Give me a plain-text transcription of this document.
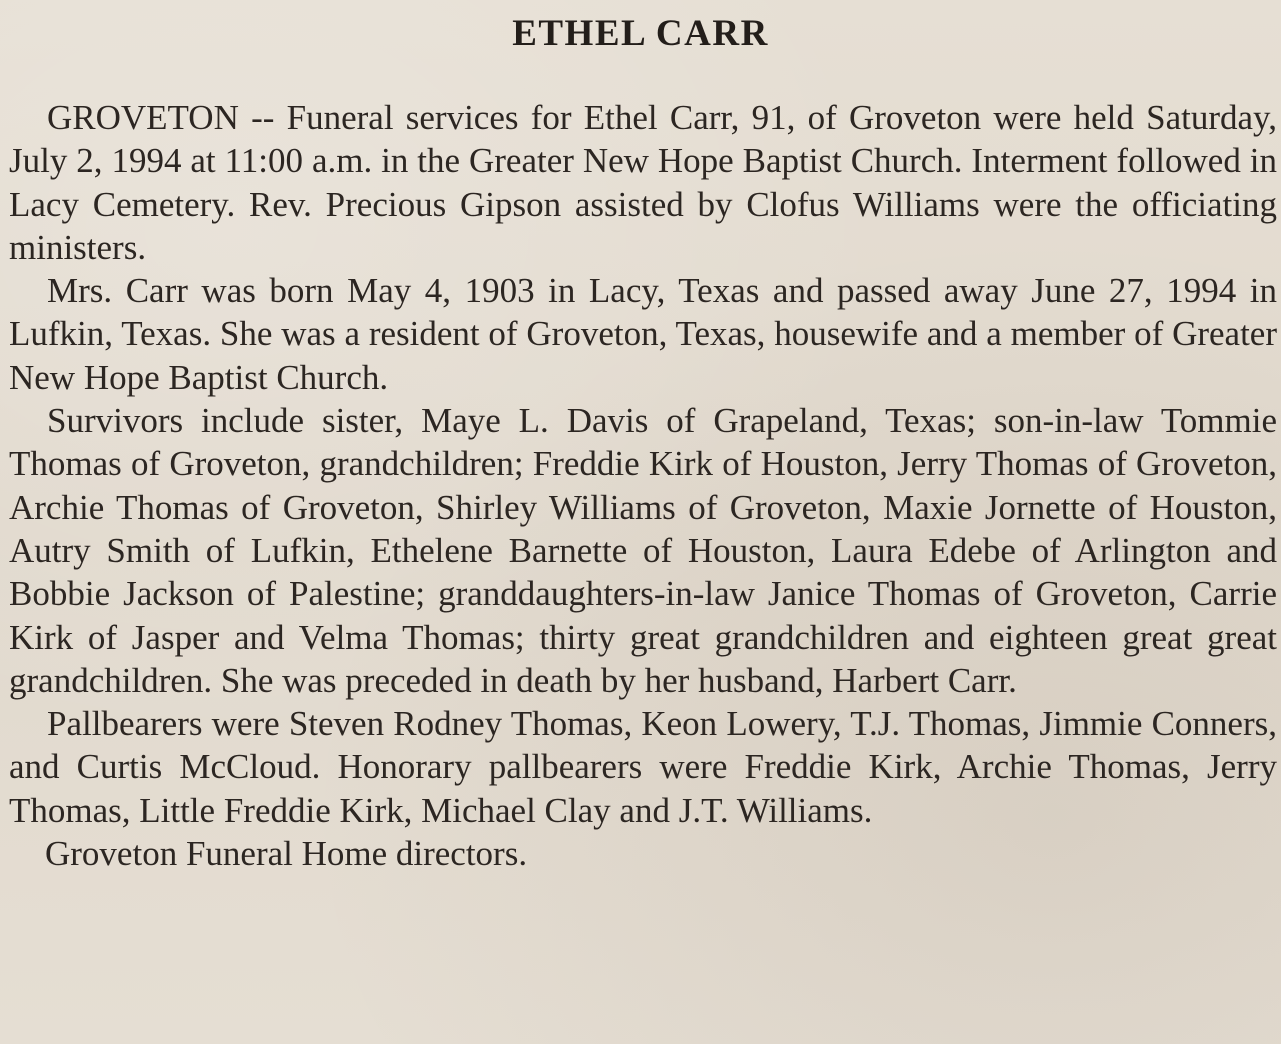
ETHEL CARR

GROVETON -- Funeral services for Ethel Carr, 91, of Groveton were held Saturday, July 2, 1994 at 11:00 a.m. in the Greater New Hope Baptist Church. Interment followed in Lacy Cemetery. Rev. Precious Gipson assisted by Clofus Williams were the officiating ministers.

Mrs. Carr was born May 4, 1903 in Lacy, Texas and passed away June 27, 1994 in Lufkin, Texas. She was a resident of Groveton, Texas, housewife and a member of Greater New Hope Baptist Church.

Survivors include sister, Maye L. Davis of Grapeland, Texas; son-in-law Tommie Thomas of Groveton, grandchildren; Freddie Kirk of Houston, Jerry Thomas of Groveton, Archie Thomas of Groveton, Shirley Williams of Groveton, Maxie Jornette of Houston, Autry Smith of Lufkin, Ethelene Barnette of Houston, Laura Edebe of Arlington and Bobbie Jackson of Palestine; granddaughters-in-law Janice Thomas of Groveton, Carrie Kirk of Jasper and Velma Thomas; thirty great grandchildren and eighteen great great grandchildren. She was preceded in death by her husband, Harbert Carr.

Pallbearers were Steven Rodney Thomas, Keon Lowery, T.J. Thomas, Jimmie Conners, and Curtis McCloud. Honorary pallbearers were Freddie Kirk, Archie Thomas, Jerry Thomas, Little Freddie Kirk, Michael Clay and J.T. Williams.

Groveton Funeral Home directors.
